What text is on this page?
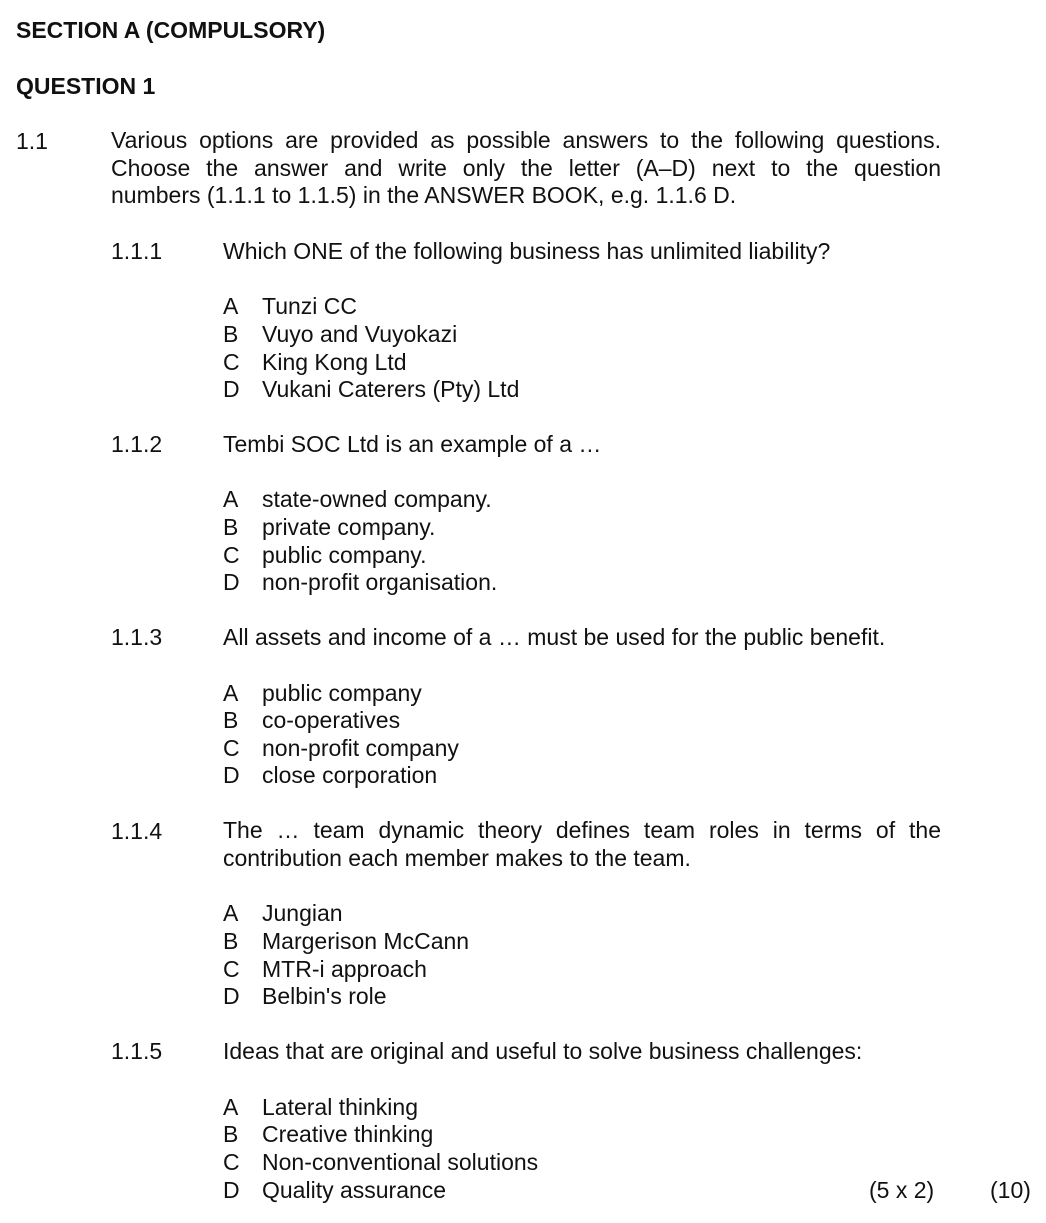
SECTION A (COMPULSORY)
QUESTION 1
1.1	Various options are provided as possible answers to the following questions.
Choose the answer and write only the letter (A–D) next to the question
numbers (1.1.1 to 1.1.5) in the ANSWER BOOK, e.g. 1.1.6 D.
1.1.1	Which ONE of the following business has unlimited liability?
A Tunzi CC
B Vuyo and Vuyokazi
C King Kong Ltd
D Vukani Caterers (Pty) Ltd
1.1.2	Tembi SOC Ltd is an example of a …
A state-owned company.
B private company.
C public company.
D non-profit organisation.
1.1.3	All assets and income of a … must be used for the public benefit.
A public company
B co-operatives
C non-profit company
D close corporation
1.1.4	The … team dynamic theory defines team roles in terms of the
contribution each member makes to the team.
A Jungian
B Margerison McCann
C MTR-i approach
D Belbin's role
1.1.5	Ideas that are original and useful to solve business challenges:
A Lateral thinking
B Creative thinking
C Non-conventional solutions
D Quality assurance	(5 x 2) (10)
